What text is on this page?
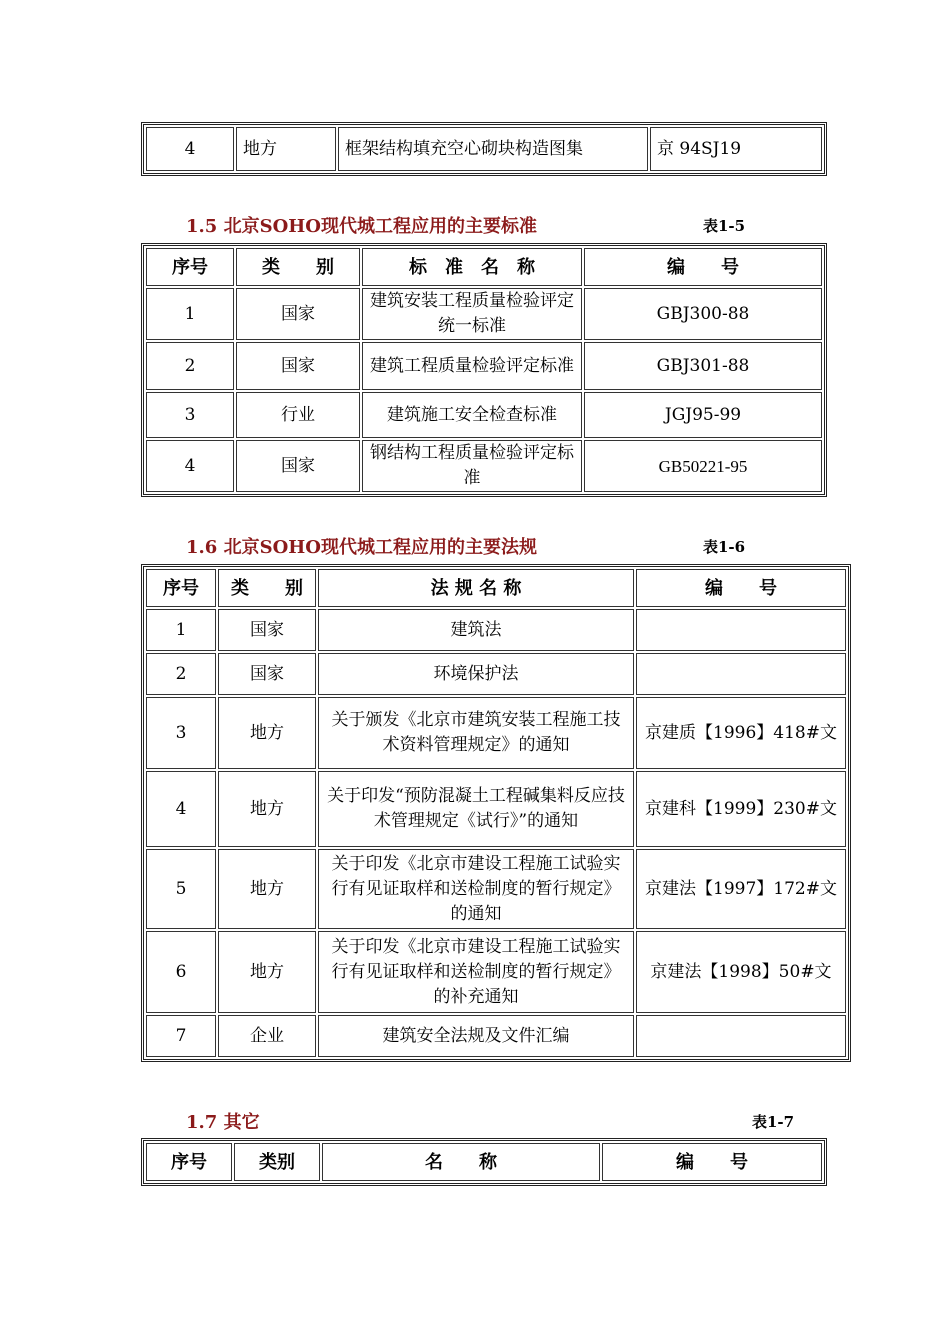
4	地方	框架结构填充空心砌块构造图集	京 94SJ19
1.5 北京SOHO现代城工程应用的主要标准	表1-5
序号	类　　别	标　准　名　称	编　　号
1	国家	建筑安装工程质量检验评定统一标准	GBJ300-88
2	国家	建筑工程质量检验评定标准	GBJ301-88
3	行业	建筑施工安全检查标准	JGJ95-99
4	国家	钢结构工程质量检验评定标准	GB50221-95
1.6 北京SOHO现代城工程应用的主要法规	表1-6
序号	类　　别	法 规 名 称	编　　号
1	国家	建筑法	
2	国家	环境保护法	
3	地方	关于颁发《北京市建筑安装工程施工技术资料管理规定》的通知	京建质【1996】418#文
4	地方	关于印发“预防混凝土工程碱集料反应技术管理规定《试行》”的通知	京建科【1999】230#文
5	地方	关于印发《北京市建设工程施工试验实行有见证取样和送检制度的暂行规定》的通知	京建法【1997】172#文
6	地方	关于印发《北京市建设工程施工试验实行有见证取样和送检制度的暂行规定》的补充通知	京建法【1998】50#文
7	企业	建筑安全法规及文件汇编	
1.7 其它	表1-7
序号	类别	名　　称	编　　号
